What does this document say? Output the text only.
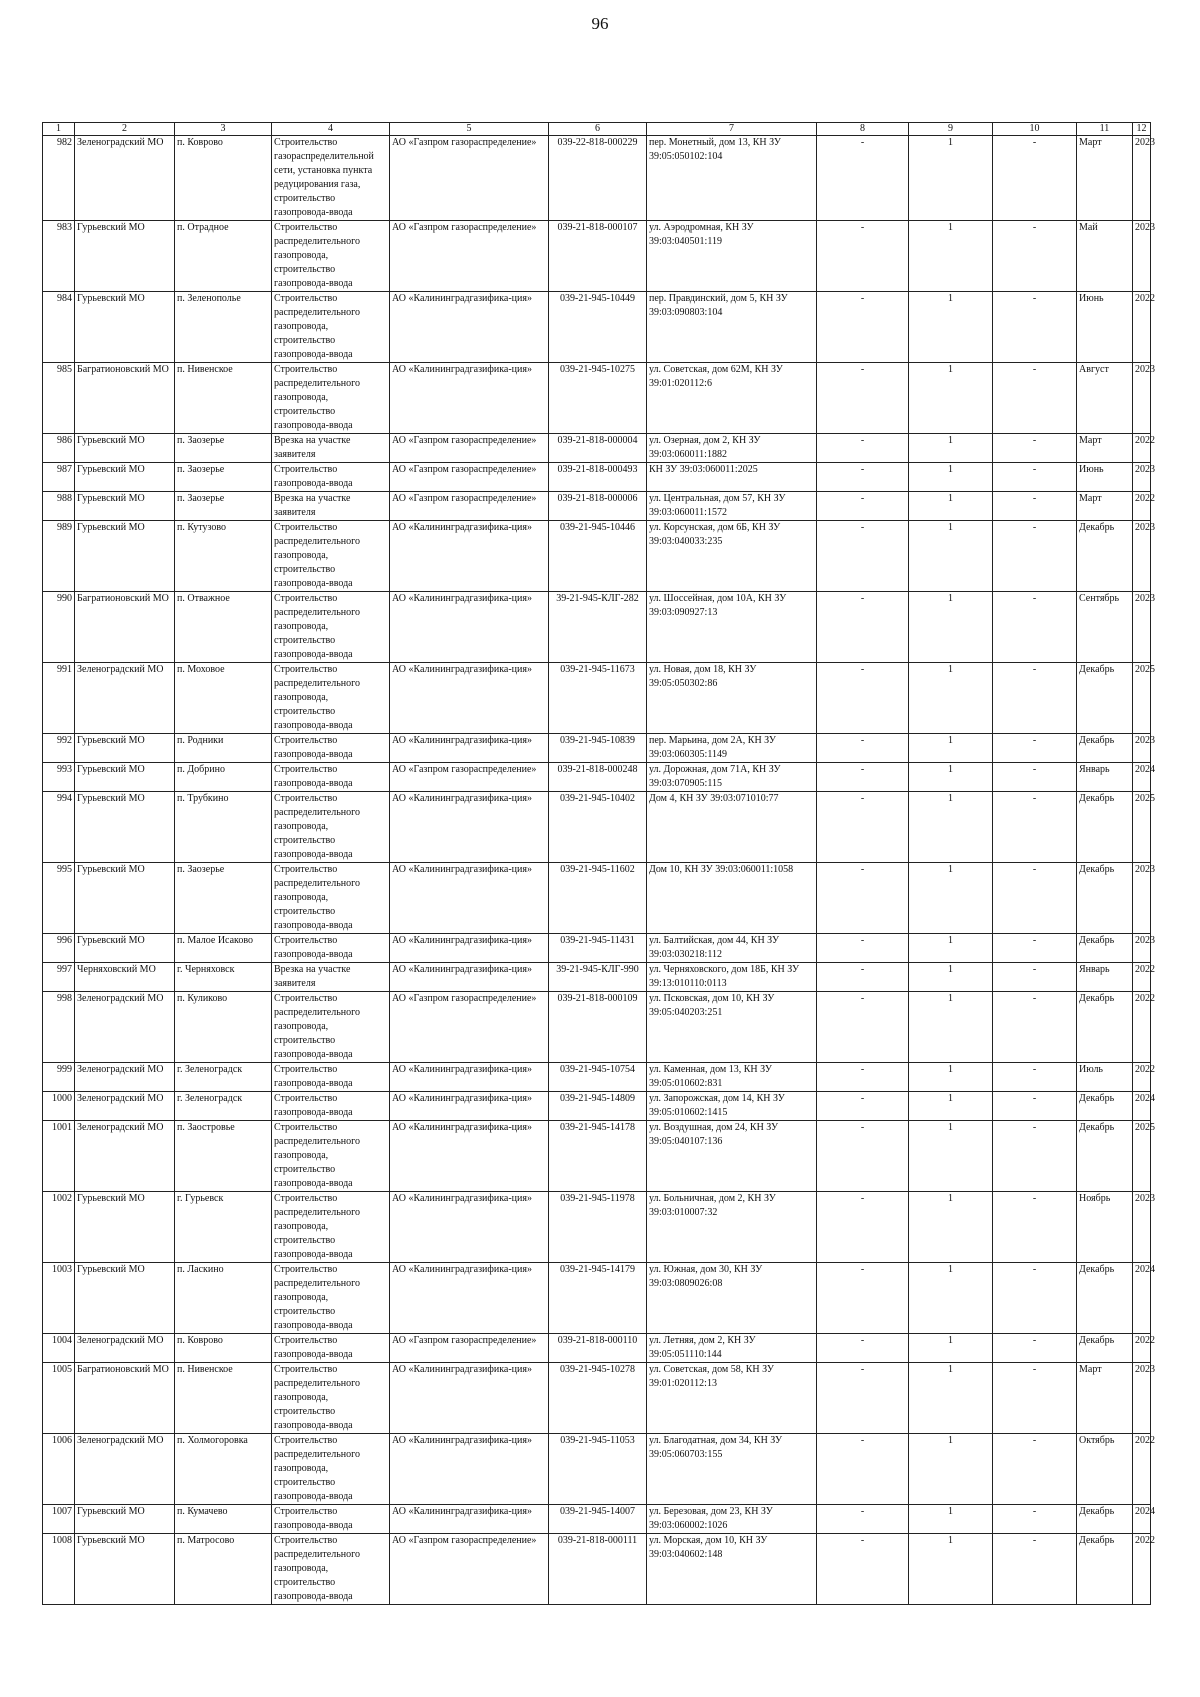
96
1	2	3	4	5	6	7	8	9	10	11	12
982	Зеленоградский МО	п. Коврово	Строительство газораспределительной сети, установка пункта редуцирования газа, строительство газопровода-ввода	АО «Газпром газораспределение»	039-22-818-000229	пер. Монетный, дом 13, КН ЗУ 39:05:050102:104	-	1	-	Март	2023
983	Гурьевский МО	п. Отрадное	Строительство распределительного газопровода, строительство газопровода-ввода	АО «Газпром газораспределение»	039-21-818-000107	ул. Аэродромная, КН ЗУ 39:03:040501:119	-	1	-	Май	2023
984	Гурьевский МО	п. Зеленополье	Строительство распределительного газопровода, строительство газопровода-ввода	АО «Калининградгазифика-ция»	039-21-945-10449	пер. Правдинский, дом 5, КН ЗУ 39:03:090803:104	-	1	-	Июнь	2022
985	Багратионовский МО	п. Нивенское	Строительство распределительного газопровода, строительство газопровода-ввода	АО «Калининградгазифика-ция»	039-21-945-10275	ул. Советская, дом 62М, КН ЗУ 39:01:020112:6	-	1	-	Август	2023
986	Гурьевский МО	п. Заозерье	Врезка на участке заявителя	АО «Газпром газораспределение»	039-21-818-000004	ул. Озерная, дом 2, КН ЗУ 39:03:060011:1882	-	1	-	Март	2022
987	Гурьевский МО	п. Заозерье	Строительство газопровода-ввода	АО «Газпром газораспределение»	039-21-818-000493	КН ЗУ 39:03:060011:2025	-	1	-	Июнь	2023
988	Гурьевский МО	п. Заозерье	Врезка на участке заявителя	АО «Газпром газораспределение»	039-21-818-000006	ул. Центральная, дом 57, КН ЗУ 39:03:060011:1572	-	1	-	Март	2022
989	Гурьевский МО	п. Кутузово	Строительство распределительного газопровода, строительство газопровода-ввода	АО «Калининградгазифика-ция»	039-21-945-10446	ул. Корсунская, дом 6Б, КН ЗУ 39:03:040033:235	-	1	-	Декабрь	2023
990	Багратионовский МО	п. Отважное	Строительство распределительного газопровода, строительство газопровода-ввода	АО «Калининградгазифика-ция»	39-21-945-КЛГ-282	ул. Шоссейная, дом 10А, КН ЗУ 39:03:090927:13	-	1	-	Сентябрь	2023
991	Зеленоградский МО	п. Моховое	Строительство распределительного газопровода, строительство газопровода-ввода	АО «Калининградгазифика-ция»	039-21-945-11673	ул. Новая, дом 18, КН ЗУ 39:05:050302:86	-	1	-	Декабрь	2025
992	Гурьевский МО	п. Родники	Строительство газопровода-ввода	АО «Калининградгазифика-ция»	039-21-945-10839	пер. Марьина, дом 2А, КН ЗУ 39:03:060305:1149	-	1	-	Декабрь	2023
993	Гурьевский МО	п. Добрино	Строительство газопровода-ввода	АО «Газпром газораспределение»	039-21-818-000248	ул. Дорожная, дом 71А, КН ЗУ 39:03:070905:115	-	1	-	Январь	2024
994	Гурьевский МО	п. Трубкино	Строительство распределительного газопровода, строительство газопровода-ввода	АО «Калининградгазифика-ция»	039-21-945-10402	Дом 4, КН ЗУ 39:03:071010:77	-	1	-	Декабрь	2025
995	Гурьевский МО	п. Заозерье	Строительство распределительного газопровода, строительство газопровода-ввода	АО «Калининградгазифика-ция»	039-21-945-11602	Дом 10, КН ЗУ 39:03:060011:1058	-	1	-	Декабрь	2023
996	Гурьевский МО	п. Малое Исаково	Строительство газопровода-ввода	АО «Калининградгазифика-ция»	039-21-945-11431	ул. Балтийская, дом 44, КН ЗУ 39:03:030218:112	-	1	-	Декабрь	2023
997	Черняховский МО	г. Черняховск	Врезка на участке заявителя	АО «Калининградгазифика-ция»	39-21-945-КЛГ-990	ул. Черняховского, дом 18Б, КН ЗУ 39:13:010110:0113	-	1	-	Январь	2022
998	Зеленоградский МО	п. Куликово	Строительство распределительного газопровода, строительство газопровода-ввода	АО «Газпром газораспределение»	039-21-818-000109	ул. Псковская, дом 10, КН ЗУ 39:05:040203:251	-	1	-	Декабрь	2022
999	Зеленоградский МО	г. Зеленоградск	Строительство газопровода-ввода	АО «Калининградгазифика-ция»	039-21-945-10754	ул. Каменная, дом 13, КН ЗУ 39:05:010602:831	-	1	-	Июль	2022
1000	Зеленоградский МО	г. Зеленоградск	Строительство газопровода-ввода	АО «Калининградгазифика-ция»	039-21-945-14809	ул. Запорожская, дом 14, КН ЗУ 39:05:010602:1415	-	1	-	Декабрь	2024
1001	Зеленоградский МО	п. Заостровье	Строительство распределительного газопровода, строительство газопровода-ввода	АО «Калининградгазифика-ция»	039-21-945-14178	ул. Воздушная, дом 24, КН ЗУ 39:05:040107:136	-	1	-	Декабрь	2025
1002	Гурьевский МО	г. Гурьевск	Строительство распределительного газопровода, строительство газопровода-ввода	АО «Калининградгазифика-ция»	039-21-945-11978	ул. Больничная, дом 2, КН ЗУ 39:03:010007:32	-	1	-	Ноябрь	2023
1003	Гурьевский МО	п. Ласкино	Строительство распределительного газопровода, строительство газопровода-ввода	АО «Калининградгазифика-ция»	039-21-945-14179	ул. Южная, дом 30, КН ЗУ 39:03:0809026:08	-	1	-	Декабрь	2024
1004	Зеленоградский МО	п. Коврово	Строительство газопровода-ввода	АО «Газпром газораспределение»	039-21-818-000110	ул. Летняя, дом 2, КН ЗУ 39:05:051110:144	-	1	-	Декабрь	2022
1005	Багратионовский МО	п. Нивенское	Строительство распределительного газопровода, строительство газопровода-ввода	АО «Калининградгазифика-ция»	039-21-945-10278	ул. Советская, дом 58, КН ЗУ 39:01:020112:13	-	1	-	Март	2023
1006	Зеленоградский МО	п. Холмогоровка	Строительство распределительного газопровода, строительство газопровода-ввода	АО «Калининградгазифика-ция»	039-21-945-11053	ул. Благодатная, дом 34, КН ЗУ 39:05:060703:155	-	1	-	Октябрь	2022
1007	Гурьевский МО	п. Кумачево	Строительство газопровода-ввода	АО «Калининградгазифика-ция»	039-21-945-14007	ул. Березовая, дом 23, КН ЗУ 39:03:060002:1026	-	1	-	Декабрь	2024
1008	Гурьевский МО	п. Матросово	Строительство распределительного газопровода, строительство газопровода-ввода	АО «Газпром газораспределение»	039-21-818-000111	ул. Морская, дом 10, КН ЗУ 39:03:040602:148	-	1	-	Декабрь	2022
